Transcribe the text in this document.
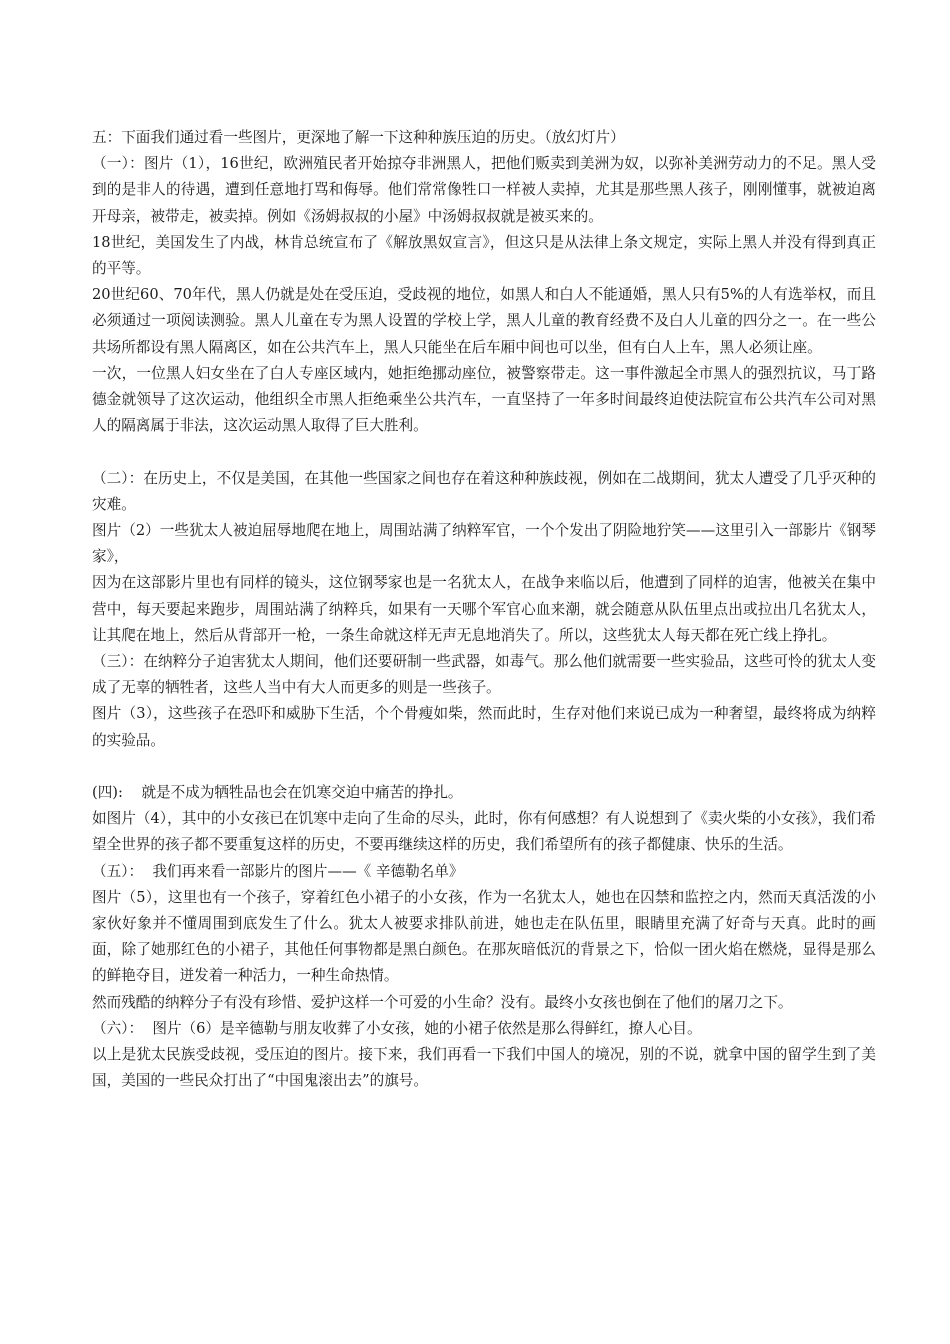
五：下面我们通过看一些图片，更深地了解一下这种种族压迫的历史。（放幻灯片）

（一）：图片（1），16世纪，欧洲殖民者开始掠夺非洲黑人，把他们贩卖到美洲为奴，以弥补美洲劳动力的不足。黑人受到的是非人的待遇，遭到任意地打骂和侮辱。他们常常像牲口一样被人卖掉，尤其是那些黑人孩子，刚刚懂事，就被迫离开母亲，被带走，被卖掉。例如《汤姆叔叔的小屋》中汤姆叔叔就是被买来的。

18世纪，美国发生了内战，林肯总统宣布了《解放黑奴宣言》，但这只是从法律上条文规定，实际上黑人并没有得到真正的平等。

20世纪60、70年代，黑人仍就是处在受压迫，受歧视的地位，如黑人和白人不能通婚，黑人只有5%的人有选举权，而且必须通过一项阅读测验。黑人儿童在专为黑人设置的学校上学，黑人儿童的教育经费不及白人儿童的四分之一。在一些公共场所都设有黑人隔离区，如在公共汽车上，黑人只能坐在后车厢中间也可以坐，但有白人上车，黑人必须让座。

一次，一位黑人妇女坐在了白人专座区域内，她拒绝挪动座位，被警察带走。这一事件激起全市黑人的强烈抗议，马丁路德金就领导了这次运动，他组织全市黑人拒绝乘坐公共汽车，一直坚持了一年多时间最终迫使法院宣布公共汽车公司对黑人的隔离属于非法，这次运动黑人取得了巨大胜利。

（二）：在历史上，不仅是美国，在其他一些国家之间也存在着这种种族歧视，例如在二战期间，犹太人遭受了几乎灭种的灾难。

图片（2）一些犹太人被迫屈辱地爬在地上，周围站满了纳粹军官，一个个发出了阴险地狞笑——这里引入一部影片《钢琴家》，

因为在这部影片里也有同样的镜头，这位钢琴家也是一名犹太人，在战争来临以后，他遭到了同样的迫害，他被关在集中营中，每天要起来跑步，周围站满了纳粹兵，如果有一天哪个军官心血来潮，就会随意从队伍里点出或拉出几名犹太人，让其爬在地上，然后从背部开一枪，一条生命就这样无声无息地消失了。所以，这些犹太人每天都在死亡线上挣扎。

（三）：在纳粹分子迫害犹太人期间，他们还要研制一些武器，如毒气。那么他们就需要一些实验品，这些可怜的犹太人变成了无辜的牺牲者，这些人当中有大人而更多的则是一些孩子。

图片（3），这些孩子在恐吓和威胁下生活，个个骨瘦如柴，然而此时，生存对他们来说已成为一种奢望，最终将成为纳粹的实验品。

(四):    就是不成为牺牲品也会在饥寒交迫中痛苦的挣扎。

如图片（4），其中的小女孩已在饥寒中走向了生命的尽头，此时，你有何感想？有人说想到了《卖火柴的小女孩》，我们希望全世界的孩子都不要重复这样的历史，不要再继续这样的历史，我们希望所有的孩子都健康、快乐的生活。

（五）：  我们再来看一部影片的图片——《 辛德勒名单》

图片（5），这里也有一个孩子，穿着红色小裙子的小女孩，作为一名犹太人，她也在囚禁和监控之内，然而天真活泼的小家伙好象并不懂周围到底发生了什么。犹太人被要求排队前进，她也走在队伍里，眼睛里充满了好奇与天真。此时的画面，除了她那红色的小裙子，其他任何事物都是黑白颜色。在那灰暗低沉的背景之下，恰似一团火焰在燃烧，显得是那么的鲜艳夺目，迸发着一种活力，一种生命热情。

然而残酷的纳粹分子有没有珍惜、爱护这样一个可爱的小生命？没有。最终小女孩也倒在了他们的屠刀之下。

（六）：  图片（6）是辛德勒与朋友收葬了小女孩，她的小裙子依然是那么得鲜红，撩人心目。

以上是犹太民族受歧视，受压迫的图片。接下来，我们再看一下我们中国人的境况，别的不说，就拿中国的留学生到了美国，美国的一些民众打出了“中国鬼滚出去”的旗号。
